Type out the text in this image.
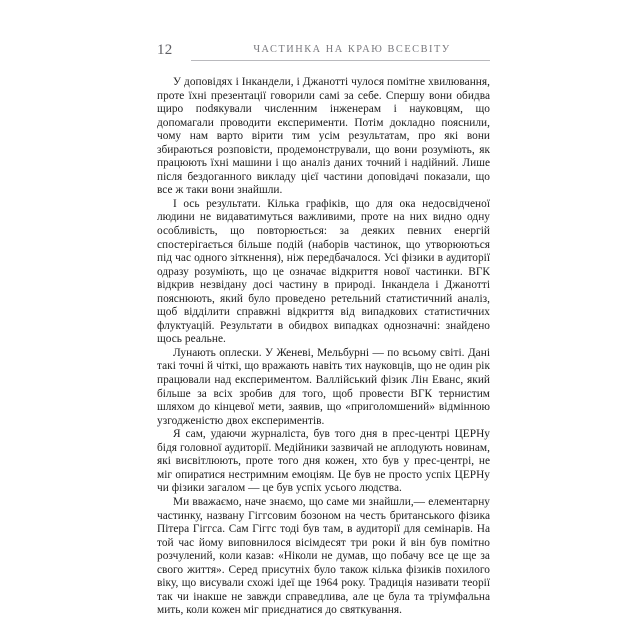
12	ЧАСТИНКА НА КРАЮ ВСЕСВІТУ

У доповідях і Інкандели, і Джанотті чулося помітне хвилювання, проте їхні презентації говорили самі за себе. Спершу вони обидва щиро поdякували численним інженерам і науковцям, що допомагали проводити експерименти. Потім докладно пояснили, чому нам варто вірити тим усім результатам, про які вони збираються розповісти, продемонстрували, що вони розуміють, як працюють їхні машини і що аналіз даних точний і надійний. Лише після бездоганного викладу цієї частини доповідачі показали, що все ж таки вони знайшли.

І ось результати. Кілька графіків, що для ока недосвідченої людини не видаватимуться важливими, проте на них видно одну особливість, що повторюється: за деяких певних енергій спостерігається більше подій (наборів частинок, що утворюються під час одного зіткнення), ніж передбачалося. Усі фізики в аудиторії одразу розуміють, що це означає відкриття нової частинки. ВГК відкрив незвідану досі частину в природі. Інкандела і Джанотті пояснюють, який було проведено ретельний статистичний аналіз, щоб відділити справжні відкриття від випадкових статистичних флуктуацій. Результати в обидвох випадках однозначні: знайдено щось реальне.

Лунають оплески. У Женеві, Мельбурні — по всьому світі. Дані такі точні й чіткі, що вражають навіть тих науковців, що не один рік працювали над експериментом. Валлійський фізик Лін Еванс, який більше за всіх зробив для того, щоб провести ВГК тернистим шляхом до кінцевої мети, заявив, що «приголомшений» відмінною узгодженістю двох експериментів.

Я сам, удаючи журналіста, був того дня в прес-центрі ЦЕРНу бідя головної аудиторії. Медійники зазвичай не аплодують новинам, які висвітлюють, проте того дня кожен, хто був у прес-центрі, не міг опиратися нестримним емоціям. Це був не просто успіх ЦЕРНу чи фізики загалом — це був успіх усього людства.

Ми вважаємо, наче знаємо, що саме ми знайшли,— елементарну частинку, названу Гіггсовим бозоном на честь британського фізика Пітера Гіггса. Сам Гіггс тоді був там, в аудиторії для семінарів. На той час йому виповнилося вісімдесят три роки й він був помітно розчулений, коли казав: «Ніколи не думав, що побачу все це ще за свого життя». Серед присутніх було також кілька фізиків похилого віку, що висували схожі ідеї ще 1964 року. Традиція називати теорії так чи інакше не завжди справедлива, але це була та тріумфальна мить, коли кожен міг приєднатися до святкування.
